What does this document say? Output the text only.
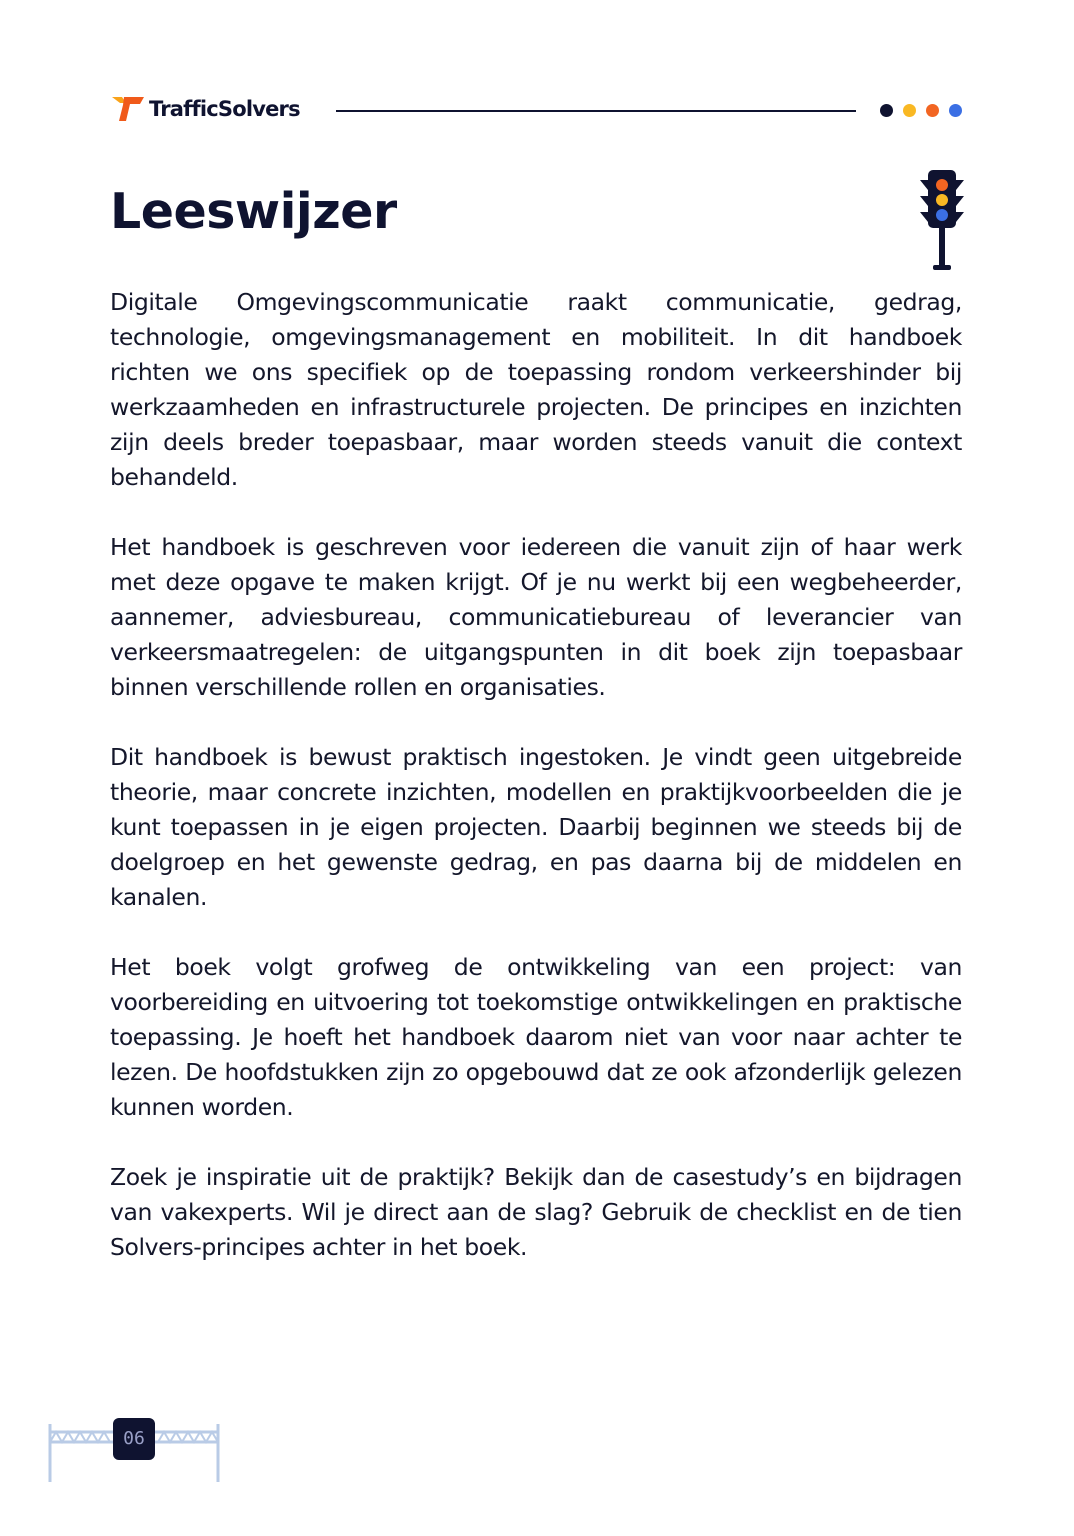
TrafficSolvers
Leeswijzer

Digitale Omgevingscommunicatie raakt communicatie, gedrag, technologie, omgevingsmanagement en mobiliteit. In dit handboek richten we ons specifiek op de toepassing rondom verkeershinder bij werkzaamheden en infrastructurele projecten. De principes en inzichten zijn deels breder toepasbaar, maar worden steeds vanuit die context behandeld.

Het handboek is geschreven voor iedereen die vanuit zijn of haar werk met deze opgave te maken krijgt. Of je nu werkt bij een wegbeheerder, aannemer, adviesbureau, communicatiebureau of leverancier van verkeersmaatregelen: de uitgangspunten in dit boek zijn toepasbaar binnen verschillende rollen en organisaties.

Dit handboek is bewust praktisch ingestoken. Je vindt geen uitgebreide theorie, maar concrete inzichten, modellen en praktijkvoorbeelden die je kunt toepassen in je eigen projecten. Daarbij beginnen we steeds bij de doelgroep en het gewenste gedrag, en pas daarna bij de middelen en kanalen.

Het boek volgt grofweg de ontwikkeling van een project: van voorbereiding en uitvoering tot toekomstige ontwikkelingen en praktische toepassing. Je hoeft het handboek daarom niet van voor naar achter te lezen. De hoofdstukken zijn zo opgebouwd dat ze ook afzonderlijk gelezen kunnen worden.

Zoek je inspiratie uit de praktijk? Bekijk dan de casestudy’s en bijdragen van vakexperts. Wil je direct aan de slag? Gebruik de checklist en de tien Solvers-principes achter in het boek.

06
